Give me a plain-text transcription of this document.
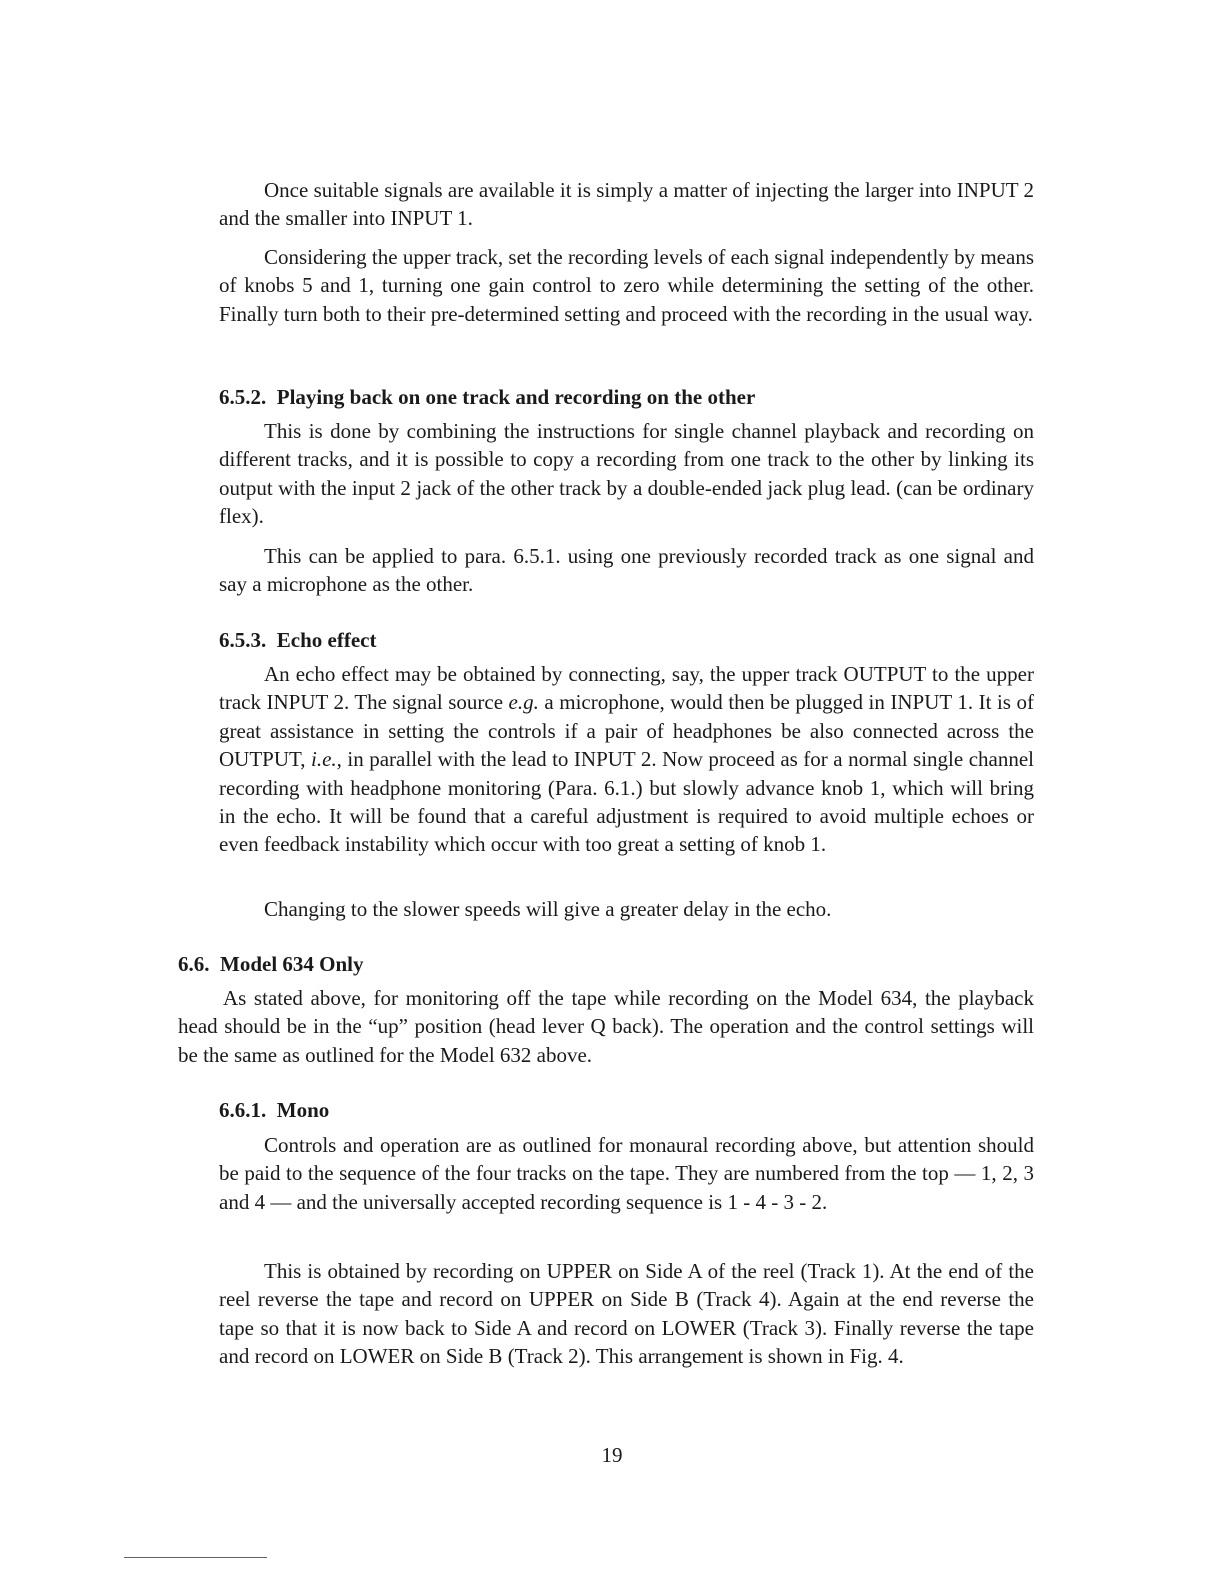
Once suitable signals are available it is simply a matter of injecting the larger into INPUT 2 and the smaller into INPUT 1.

Considering the upper track, set the recording levels of each signal independently by means of knobs 5 and 1, turning one gain control to zero while determining the setting of the other. Finally turn both to their pre-determined setting and proceed with the recording in the usual way.

6.5.2. Playing back on one track and recording on the other

This is done by combining the instructions for single channel playback and recording on different tracks, and it is possible to copy a recording from one track to the other by linking its output with the input 2 jack of the other track by a double-ended jack plug lead. (can be ordinary flex).

This can be applied to para. 6.5.1. using one previously recorded track as one signal and say a microphone as the other.

6.5.3. Echo effect

An echo effect may be obtained by connecting, say, the upper track OUTPUT to the upper track INPUT 2. The signal source e.g. a microphone, would then be plugged in INPUT 1. It is of great assistance in setting the controls if a pair of headphones be also connected across the OUTPUT, i.e., in parallel with the lead to INPUT 2. Now proceed as for a normal single channel recording with headphone monitoring (Para. 6.1.) but slowly advance knob 1, which will bring in the echo. It will be found that a careful adjustment is required to avoid multiple echoes or even feedback instability which occur with too great a setting of knob 1.

Changing to the slower speeds will give a greater delay in the echo.

6.6. Model 634 Only

As stated above, for monitoring off the tape while recording on the Model 634, the playback head should be in the “up” position (head lever Q back). The operation and the control settings will be the same as outlined for the Model 632 above.

6.6.1. Mono

Controls and operation are as outlined for monaural recording above, but attention should be paid to the sequence of the four tracks on the tape. They are numbered from the top — 1, 2, 3 and 4 — and the universally accepted recording sequence is 1 - 4 - 3 - 2.

This is obtained by recording on UPPER on Side A of the reel (Track 1). At the end of the reel reverse the tape and record on UPPER on Side B (Track 4). Again at the end reverse the tape so that it is now back to Side A and record on LOWER (Track 3). Finally reverse the tape and record on LOWER on Side B (Track 2). This arrangement is shown in Fig. 4.

19
